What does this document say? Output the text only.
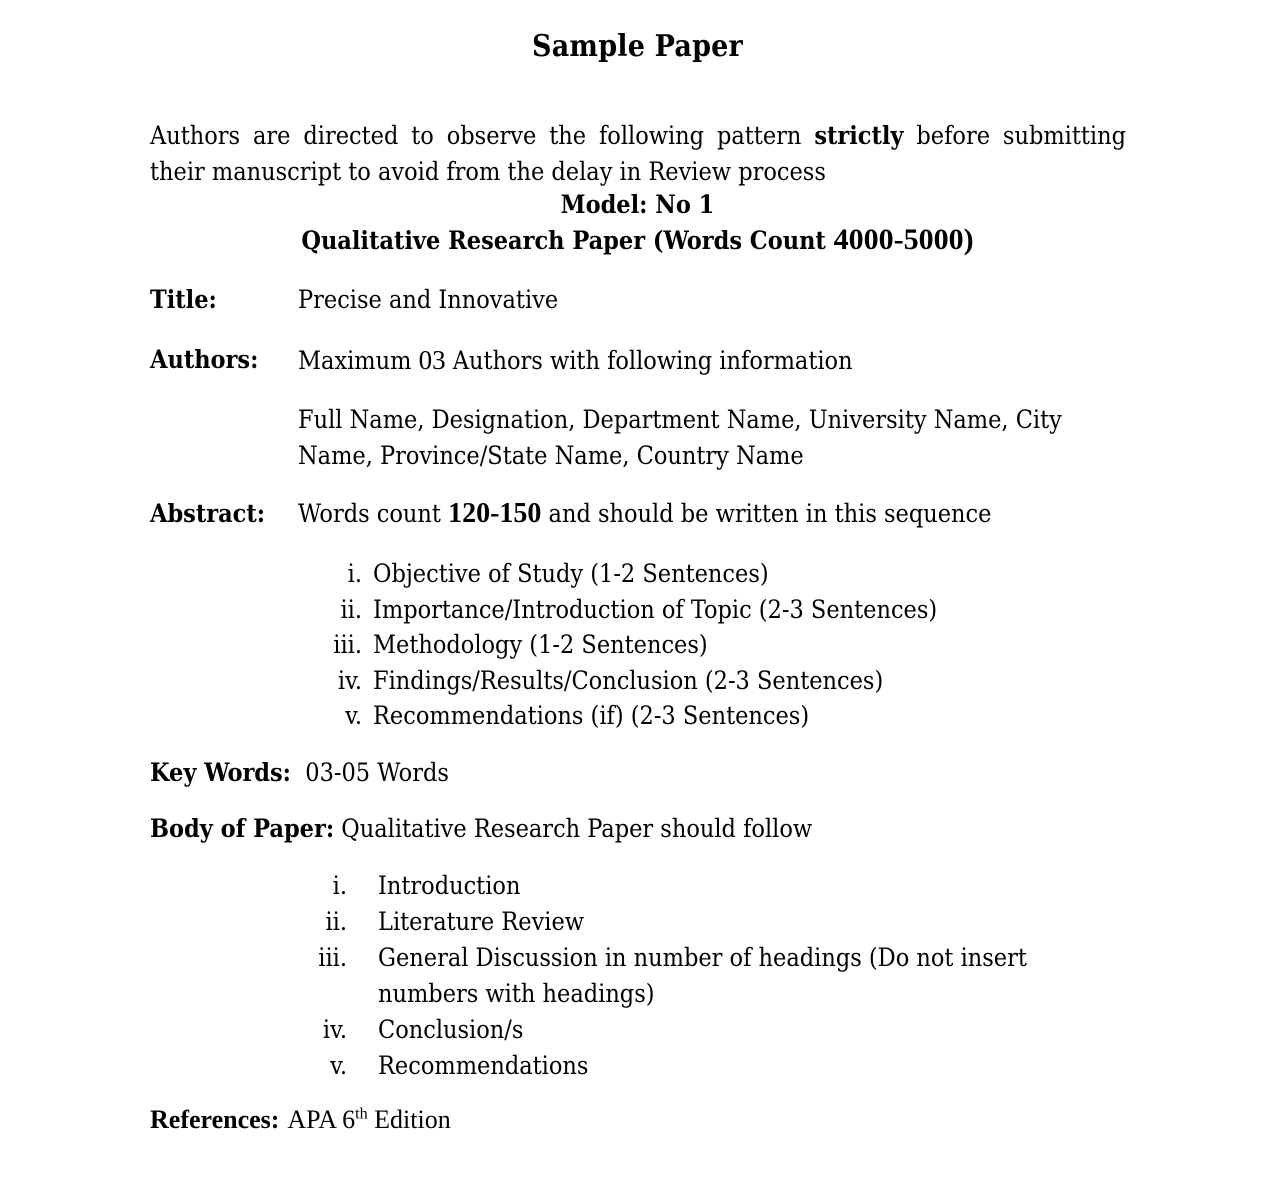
Sample Paper

Authors are directed to observe the following pattern strictly before submitting their manuscript to avoid from the delay in Review process

Model: No 1
Qualitative Research Paper (Words Count 4000-5000)
Title:	Precise and Innovative
Authors: Maximum 03 Authors with following information
Full Name, Designation, Department Name, University Name, City Name, Province/State Name, Country Name
Abstract: Words count 120-150 and should be written in this sequence
i. Objective of Study (1-2 Sentences)
ii. Importance/Introduction of Topic (2-3 Sentences)
iii. Methodology (1-2 Sentences)
iv. Findings/Results/Conclusion (2-3 Sentences)
v. Recommendations (if) (2-3 Sentences)
Key Words: 03-05 Words
Body of Paper: Qualitative Research Paper should follow
i. Introduction
ii. Literature Review
iii. General Discussion in number of headings (Do not insert numbers with headings)
iv. Conclusion/s
v. Recommendations
References: APA 6th Edition
